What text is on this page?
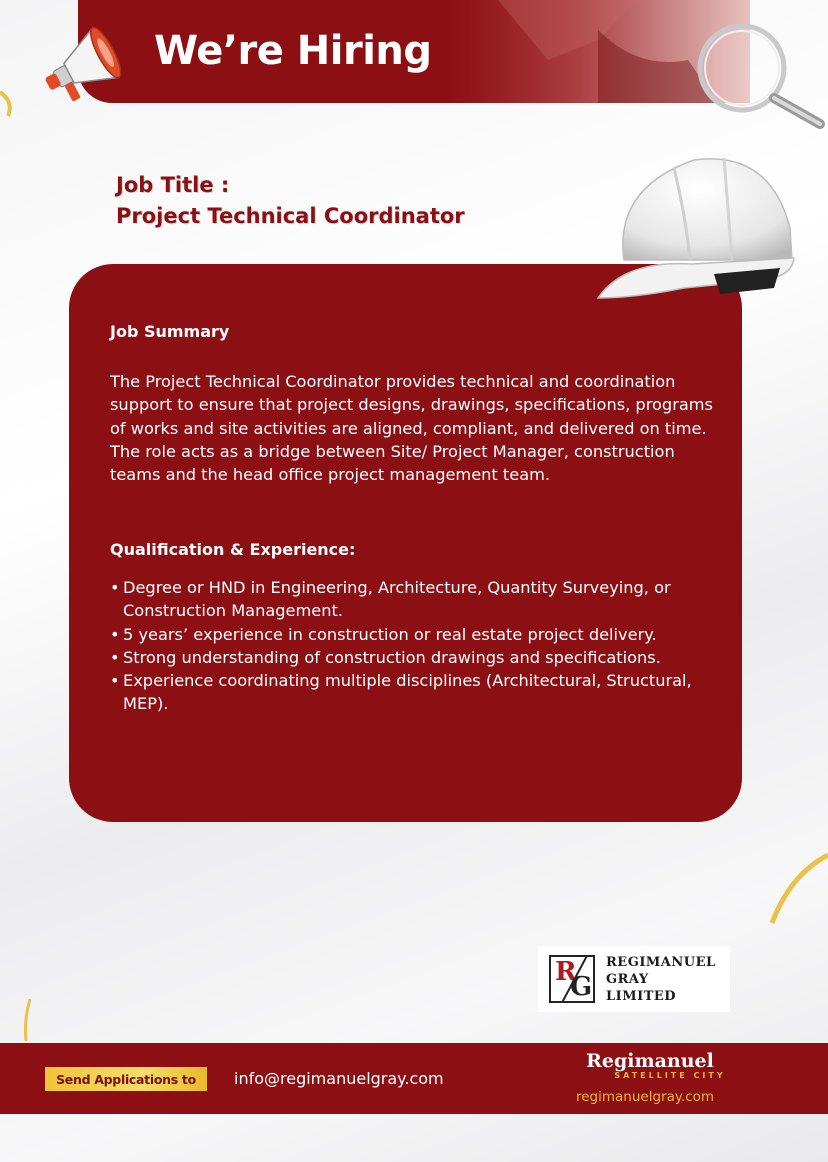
We’re Hiring
Job Title :
Project Technical Coordinator
Job Summary

The Project Technical Coordinator provides technical and coordination support to ensure that project designs, drawings, specifications, programs of works and site activities are aligned, compliant, and delivered on time. The role acts as a bridge between Site/ Project Manager, construction teams and the head office project management team.

Qualification & Experience:
• Degree or HND in Engineering, Architecture, Quantity Surveying, or Construction Management.
• 5 years’ experience in construction or real estate project delivery.
• Strong understanding of construction drawings and specifications.
• Experience coordinating multiple disciplines (Architectural, Structural, MEP).
R
G
REGIMANUEL
GRAY
LIMITED
Send Applications to	info@regimanuelgray.com
Regimanuel
SATELLITE CITY
regimanuelgray.com
